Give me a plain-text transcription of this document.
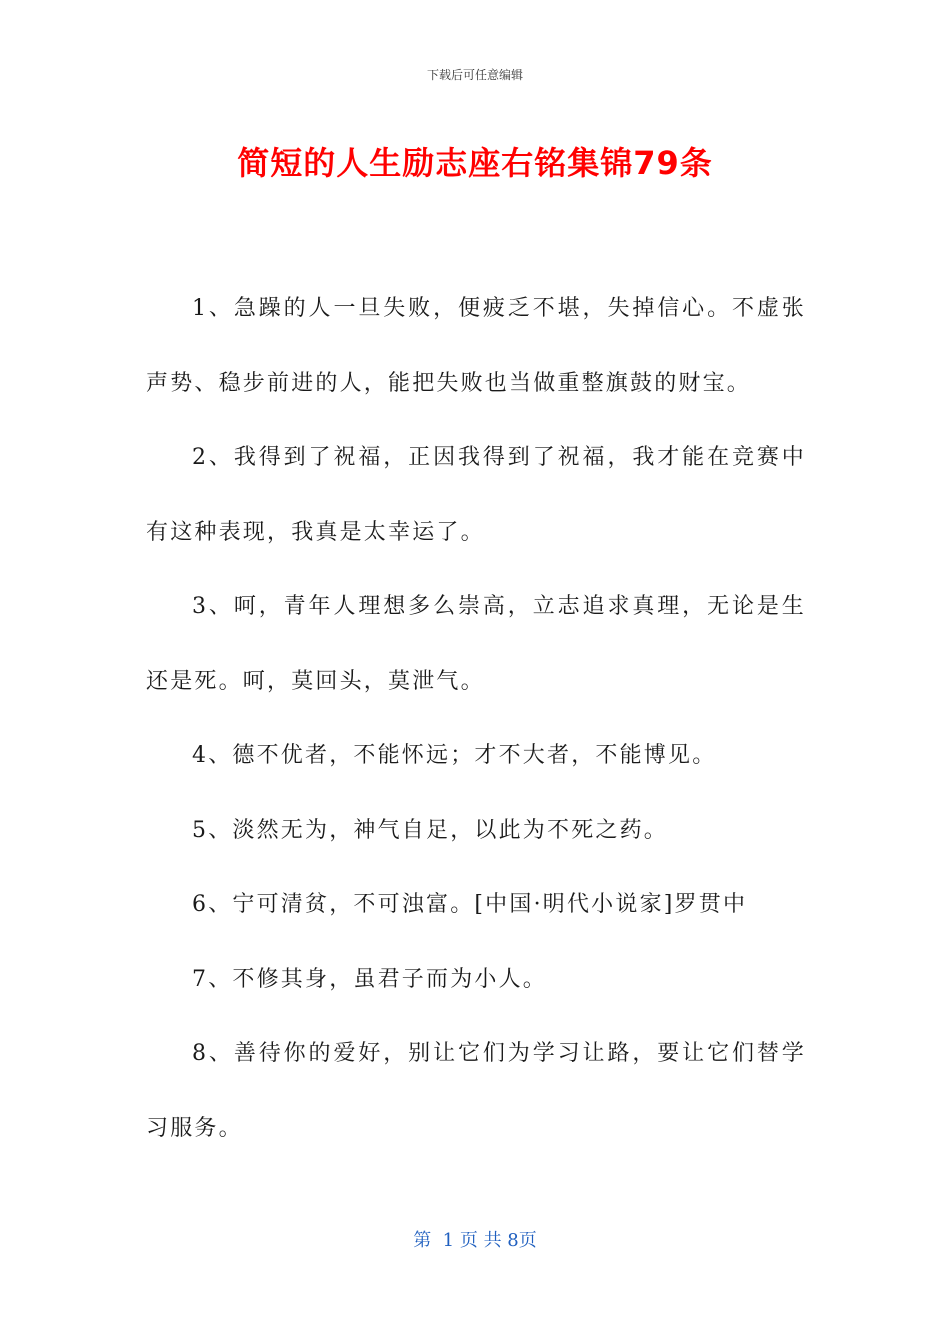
下载后可任意编辑
简短的人生励志座右铭集锦79条

1、急躁的人一旦失败，便疲乏不堪，失掉信心。不虚张声势、稳步前进的人，能把失败也当做重整旗鼓的财宝。

2、我得到了祝福，正因我得到了祝福，我才能在竞赛中有这种表现，我真是太幸运了。

3、呵，青年人理想多么崇高，立志追求真理，无论是生还是死。呵，莫回头，莫泄气。

4、德不优者，不能怀远；才不大者，不能博见。

5、淡然无为，神气自足，以此为不死之药。

6、宁可清贫，不可浊富。[中国·明代小说家]罗贯中

7、不修其身，虽君子而为小人。

8、善待你的爱好，别让它们为学习让路，要让它们替学习服务。

第  1 页 共 8页
